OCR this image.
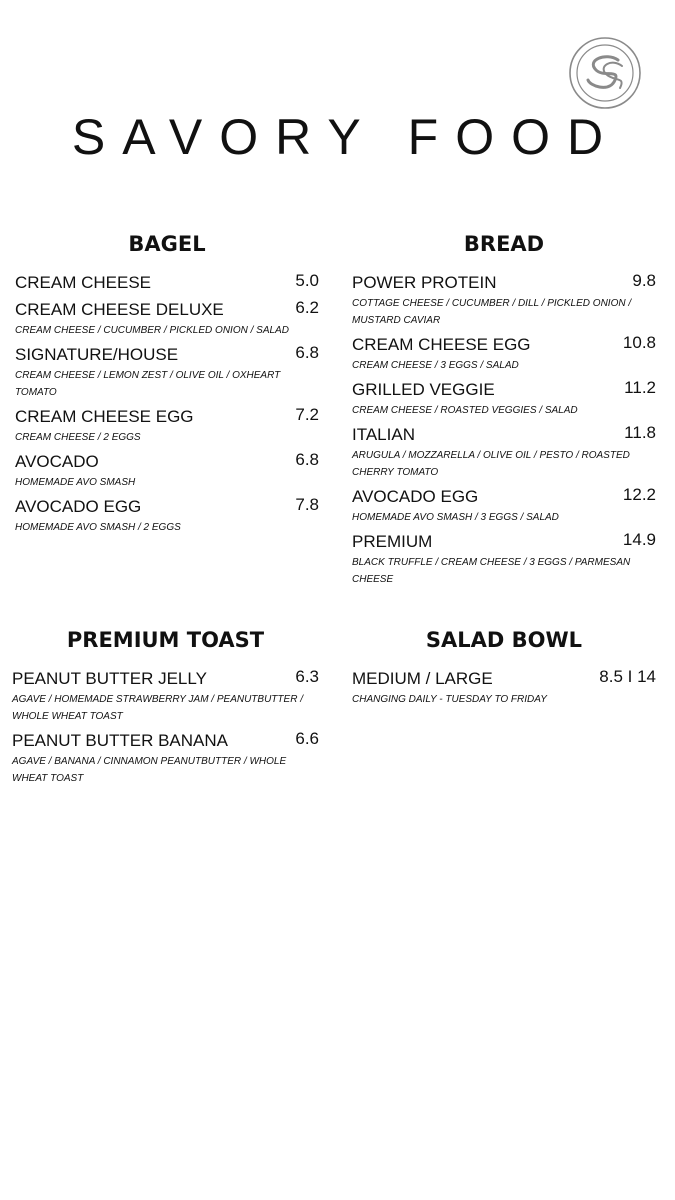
SAVORY FOOD
BAGEL
CREAM CHEESE	5.0
CREAM CHEESE DELUXE	6.2
CREAM CHEESE / CUCUMBER / PICKLED ONION / SALAD
SIGNATURE/HOUSE	6.8
CREAM CHEESE / LEMON ZEST / OLIVE OIL / OXHEART TOMATO
CREAM CHEESE EGG	7.2
CREAM CHEESE / 2 EGGS
AVOCADO	6.8
HOMEMADE AVO SMASH
AVOCADO EGG	7.8
HOMEMADE AVO SMASH / 2 EGGS
BREAD
POWER PROTEIN	9.8
COTTAGE CHEESE / CUCUMBER / DILL / PICKLED ONION / MUSTARD CAVIAR
CREAM CHEESE EGG	10.8
CREAM CHEESE / 3 EGGS / SALAD
GRILLED VEGGIE	11.2
CREAM CHEESE / ROASTED VEGGIES / SALAD
ITALIAN	11.8
ARUGULA / MOZZARELLA / OLIVE OIL / PESTO / ROASTED CHERRY TOMATO
AVOCADO EGG	12.2
HOMEMADE AVO SMASH / 3 EGGS / SALAD
PREMIUM	14.9
BLACK TRUFFLE / CREAM CHEESE / 3 EGGS / PARMESAN CHEESE
PREMIUM TOAST
PEANUT BUTTER JELLY	6.3
AGAVE / HOMEMADE STRAWBERRY JAM / PEANUTBUTTER / WHOLE WHEAT TOAST
PEANUT BUTTER BANANA	6.6
AGAVE / BANANA / CINNAMON PEANUTBUTTER / WHOLE WHEAT TOAST
SALAD BOWL
MEDIUM / LARGE	8.5 I 14
CHANGING DAILY - TUESDAY TO FRIDAY
